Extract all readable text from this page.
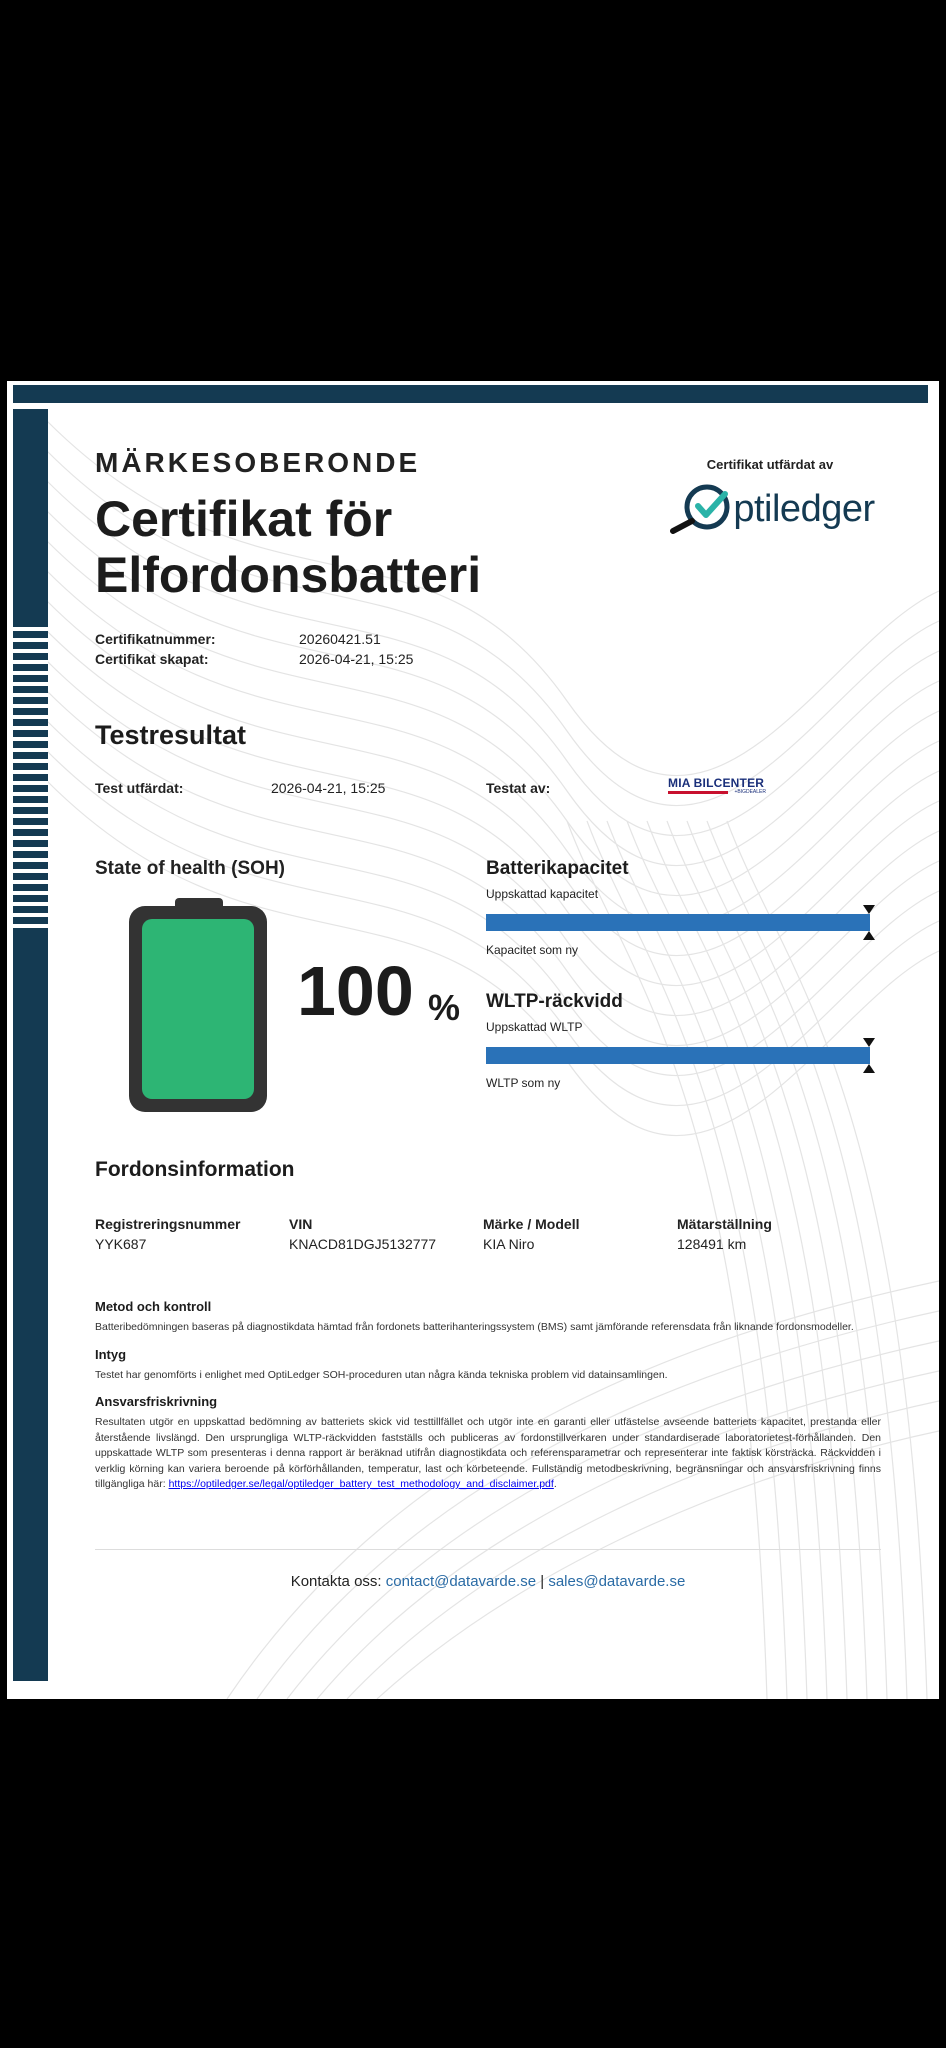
MÄRKESOBERONDE
Certifikat för Elfordonsbatteri
Certifikat utfärdat av
ptiledger
Certifikatnummer:	20260421.51
Certifikat skapat:	2026-04-21, 15:25
Testresultat
Test utfärdat:	2026-04-21, 15:25	Testat av:	MIA BILCENTER
+BIGDEALER
State of health (SOH)
100 %
Batterikapacitet
Uppskattad kapacitet
Kapacitet som ny
WLTP-räckvidd
Uppskattad WLTP
WLTP som ny
Fordonsinformation
Registreringsnummer
YYK687
VIN
KNACD81DGJ5132777
Märke / Modell
KIA Niro
Mätarställning
128491 km
Metod och kontroll
Batteribedömningen baseras på diagnostikdata hämtad från fordonets batterihanteringssystem (BMS) samt jämförande referensdata från liknande fordonsmodeller.
Intyg
Testet har genomförts i enlighet med OptiLedger SOH-proceduren utan några kända tekniska problem vid datainsamlingen.
Ansvarsfriskrivning
Resultaten utgör en uppskattad bedömning av batteriets skick vid testtillfället och utgör inte en garanti eller utfästelse avseende batteriets kapacitet, prestanda eller återstående livslängd. Den ursprungliga WLTP-räckvidden fastställs och publiceras av fordonstillverkaren under standardiserade laboratorietest-förhållanden. Den uppskattade WLTP som presenteras i denna rapport är beräknad utifrån diagnostikdata och referensparametrar och representerar inte faktisk körsträcka. Räckvidden i verklig körning kan variera beroende på körförhållanden, temperatur, last och körbeteende. Fullständig metodbeskrivning, begränsningar och ansvarsfriskrivning finns tillgängliga här: https://optiledger.se/legal/optiledger_battery_test_methodology_and_disclaimer.pdf.
Kontakta oss: contact@datavarde.se | sales@datavarde.se
